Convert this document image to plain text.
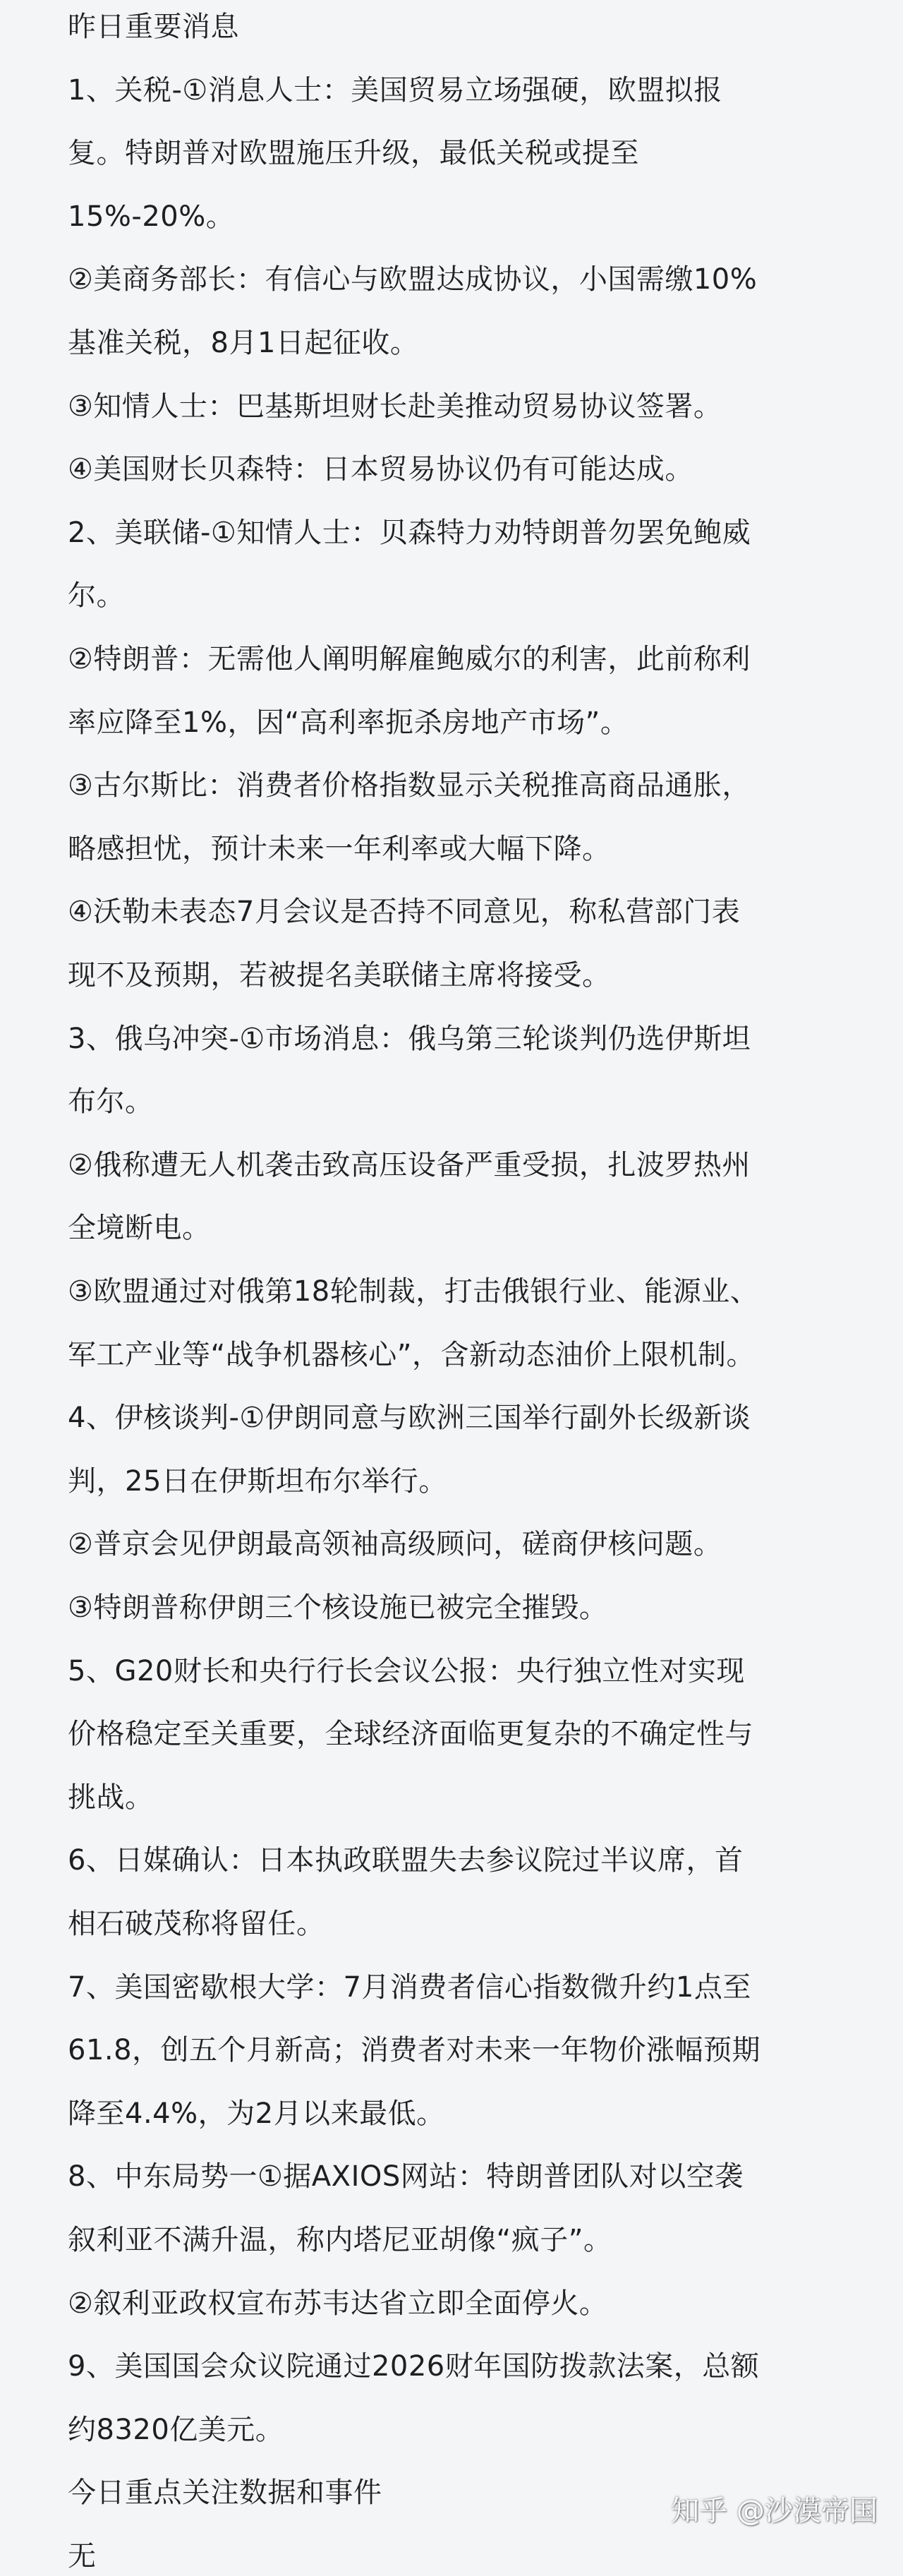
昨日重要消息
1、关税-①消息人士：美国贸易立场强硬，欧盟拟报
复。特朗普对欧盟施压升级，最低关税或提至
15%-20%。
②美商务部长：有信心与欧盟达成协议，小国需缴10%
基准关税，8月1日起征收。
③知情人士：巴基斯坦财长赴美推动贸易协议签署。
④美国财长贝森特：日本贸易协议仍有可能达成。
2、美联储-①知情人士：贝森特力劝特朗普勿罢免鲍威
尔。
②特朗普：无需他人阐明解雇鲍威尔的利害，此前称利
率应降至1%，因“高利率扼杀房地产市场”。
③古尔斯比：消费者价格指数显示关税推高商品通胀，
略感担忧，预计未来一年利率或大幅下降。
④沃勒未表态7月会议是否持不同意见，称私营部门表
现不及预期，若被提名美联储主席将接受。
3、俄乌冲突-①市场消息：俄乌第三轮谈判仍选伊斯坦
布尔。
②俄称遭无人机袭击致高压设备严重受损，扎波罗热州
全境断电。
③欧盟通过对俄第18轮制裁，打击俄银行业、能源业、
军工产业等“战争机器核心”，含新动态油价上限机制。
4、伊核谈判-①伊朗同意与欧洲三国举行副外长级新谈
判，25日在伊斯坦布尔举行。
②普京会见伊朗最高领袖高级顾问，磋商伊核问题。
③特朗普称伊朗三个核设施已被完全摧毁。
5、G20财长和央行行长会议公报：央行独立性对实现
价格稳定至关重要，全球经济面临更复杂的不确定性与
挑战。
6、日媒确认：日本执政联盟失去参议院过半议席，首
相石破茂称将留任。
7、美国密歇根大学：7月消费者信心指数微升约1点至
61.8，创五个月新高；消费者对未来一年物价涨幅预期
降至4.4%，为2月以来最低。
8、中东局势一①据AXIOS网站：特朗普团队对以空袭
叙利亚不满升温，称内塔尼亚胡像“疯子”。
②叙利亚政权宣布苏韦达省立即全面停火。
9、美国国会众议院通过2026财年国防拨款法案，总额
约8320亿美元。
今日重点关注数据和事件
无
知乎 @沙漠帝国
